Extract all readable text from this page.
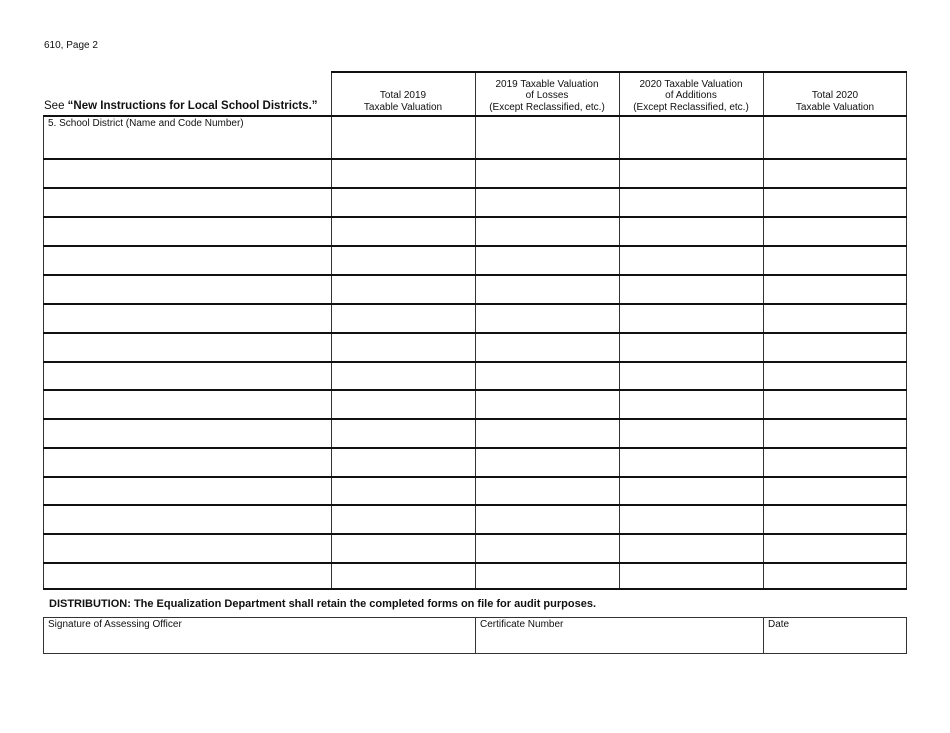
610, Page 2
See “New Instructions for Local School Districts.”
Total 2019
Taxable Valuation
2019 Taxable Valuation
of Losses
(Except Reclassified, etc.)
2020 Taxable Valuation
of Additions
(Except Reclassified, etc.)
Total 2020
Taxable Valuation
5. School District (Name and Code Number)
DISTRIBUTION: The Equalization Department shall retain the completed forms on file for audit purposes.
Signature of Assessing Officer	Certificate Number	Date
